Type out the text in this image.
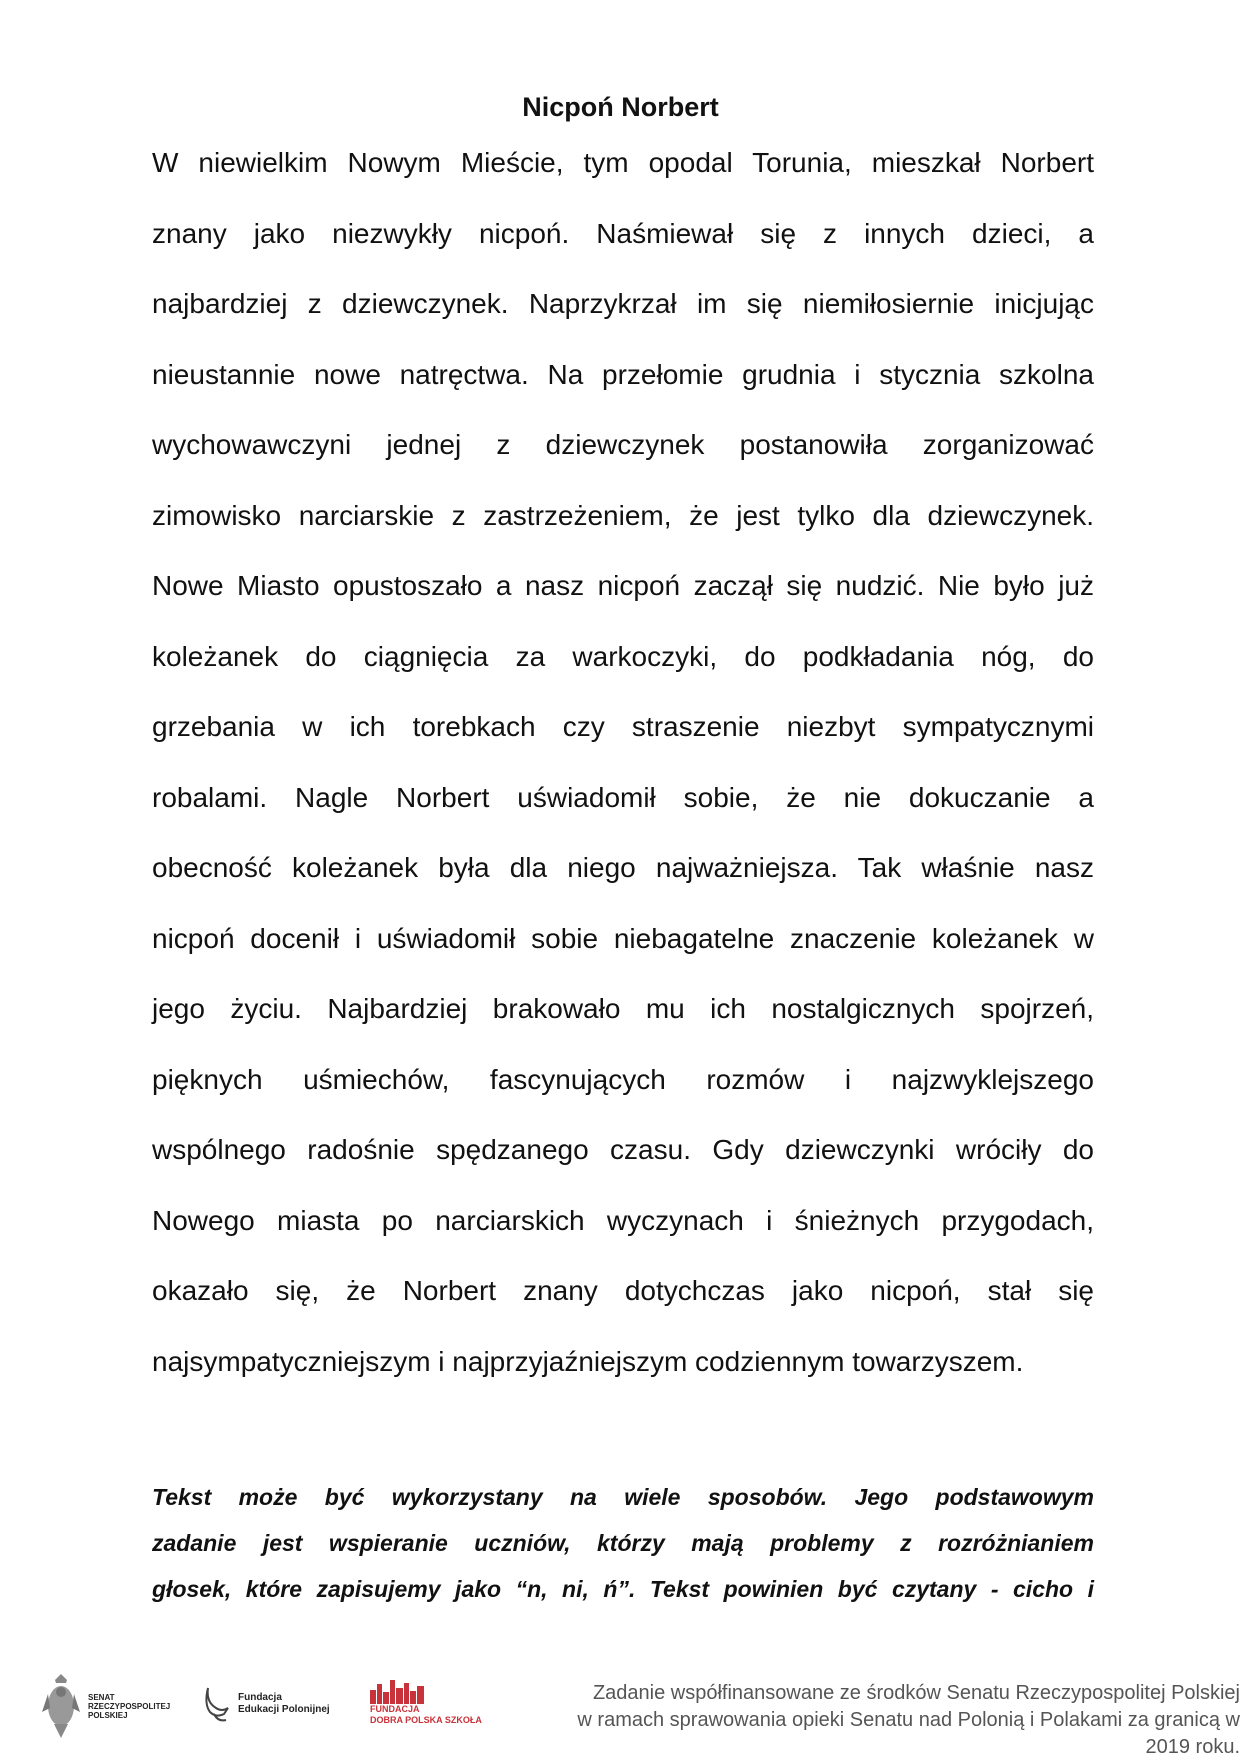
Nicpoń Norbert
W niewielkim Nowym Mieście, tym opodal Torunia, mieszkał Norbert
znany jako niezwykły nicpoń. Naśmiewał się z innych dzieci, a
najbardziej z dziewczynek. Naprzykrzał im się niemiłosiernie inicjując
nieustannie nowe natręctwa. Na przełomie grudnia i stycznia szkolna
wychowawczyni jednej z dziewczynek postanowiła zorganizować
zimowisko narciarskie z zastrzeżeniem, że jest tylko dla dziewczynek.
Nowe Miasto opustoszało a nasz nicpoń zaczął się nudzić. Nie było już
koleżanek do ciągnięcia za warkoczyki, do podkładania nóg, do
grzebania w ich torebkach czy straszenie niezbyt sympatycznymi
robalami. Nagle Norbert uświadomił sobie, że nie dokuczanie a
obecność koleżanek była dla niego najważniejsza. Tak właśnie nasz
nicpoń docenił i uświadomił sobie niebagatelne znaczenie koleżanek w
jego życiu. Najbardziej brakowało mu ich nostalgicznych spojrzeń,
pięknych uśmiechów, fascynujących rozmów i najzwyklejszego
wspólnego radośnie spędzanego czasu. Gdy dziewczynki wróciły do
Nowego miasta po narciarskich wyczynach i śnieżnych przygodach,
okazało się, że Norbert znany dotychczas jako nicpoń, stał się
najsympatyczniejszym i najprzyjaźniejszym codziennym towarzyszem.
Tekst może być wykorzystany na wiele sposobów. Jego podstawowym
zadanie jest wspieranie uczniów, którzy mają problemy z rozróżnianiem
głosek, które zapisujemy jako “n, ni, ń”. Tekst powinien być czytany - cicho i
SENAT
RZECZYPOSPOLITEJ
POLSKIEJ
Fundacja
Edukacji Polonijnej	FUNDACJA
DOBRA POLSKA SZKOŁA
Zadanie współfinansowane ze środków Senatu Rzeczypospolitej Polskiej
w ramach sprawowania opieki Senatu nad Polonią i Polakami za granicą w 2019 roku.
